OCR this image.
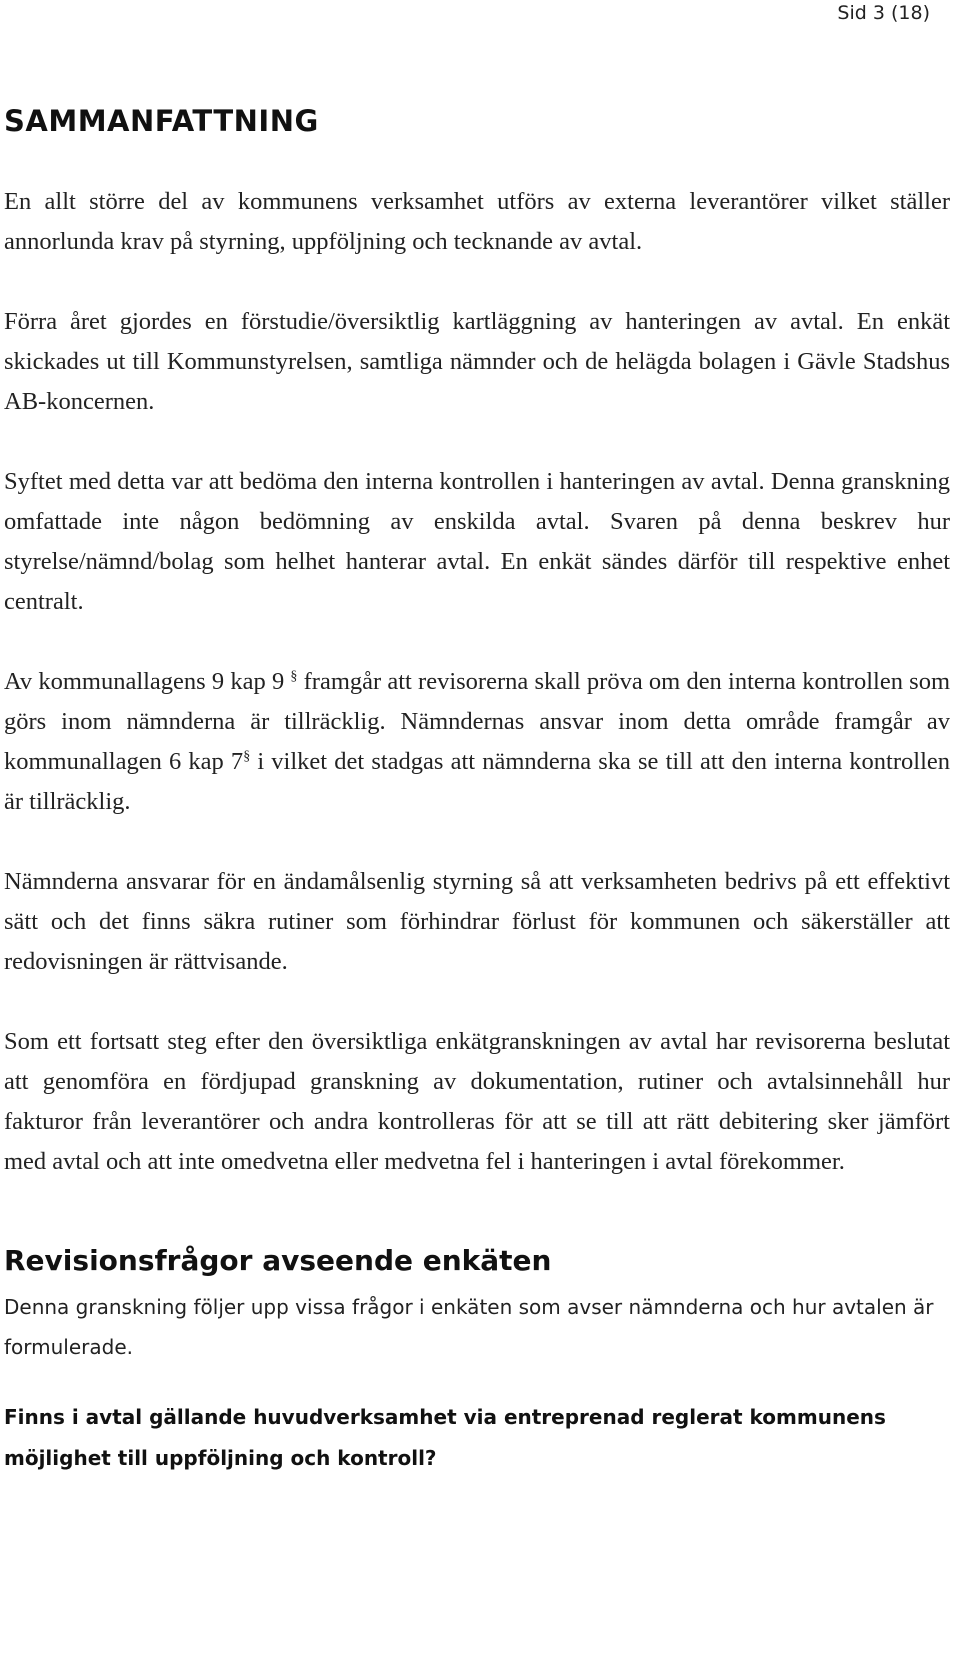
Sid 3 (18)

SAMMANFATTNING

En allt större del av kommunens verksamhet utförs av externa leverantörer vilket ställer annorlunda krav på styrning, uppföljning och tecknande av avtal.

Förra året gjordes en förstudie/översiktlig kartläggning av hanteringen av avtal. En enkät skickades ut till Kommunstyrelsen, samtliga nämnder och de helägda bolagen i Gävle Stadshus AB-koncernen.

Syftet med detta var att bedöma den interna kontrollen i hanteringen av avtal. Denna granskning omfattade inte någon bedömning av enskilda avtal. Svaren på denna beskrev hur styrelse/nämnd/bolag som helhet hanterar avtal. En enkät sändes därför till respektive enhet centralt.

Av kommunallagens 9 kap 9 § framgår att revisorerna skall pröva om den interna kontrollen som görs inom nämnderna är tillräcklig. Nämndernas ansvar inom detta område framgår av kommunallagen 6 kap 7§ i vilket det stadgas att nämnderna ska se till att den interna kontrollen är tillräcklig.

Nämnderna ansvarar för en ändamålsenlig styrning så att verksamheten bedrivs på ett effektivt sätt och det finns säkra rutiner som förhindrar förlust för kommunen och säkerställer att redovisningen är rättvisande.

Som ett fortsatt steg efter den översiktliga enkätgranskningen av avtal har revisorerna beslutat att genomföra en fördjupad granskning av dokumentation, rutiner och avtalsinnehåll hur fakturor från leverantörer och andra kontrolleras för att se till att rätt debitering sker jämfört med avtal och att inte omedvetna eller medvetna fel i hanteringen i avtal förekommer.

Revisionsfrågor avseende enkäten

Denna granskning följer upp vissa frågor i enkäten som avser nämnderna och hur avtalen är formulerade.

Finns i avtal gällande huvudverksamhet via entreprenad reglerat kommunens möjlighet till uppföljning och kontroll?
